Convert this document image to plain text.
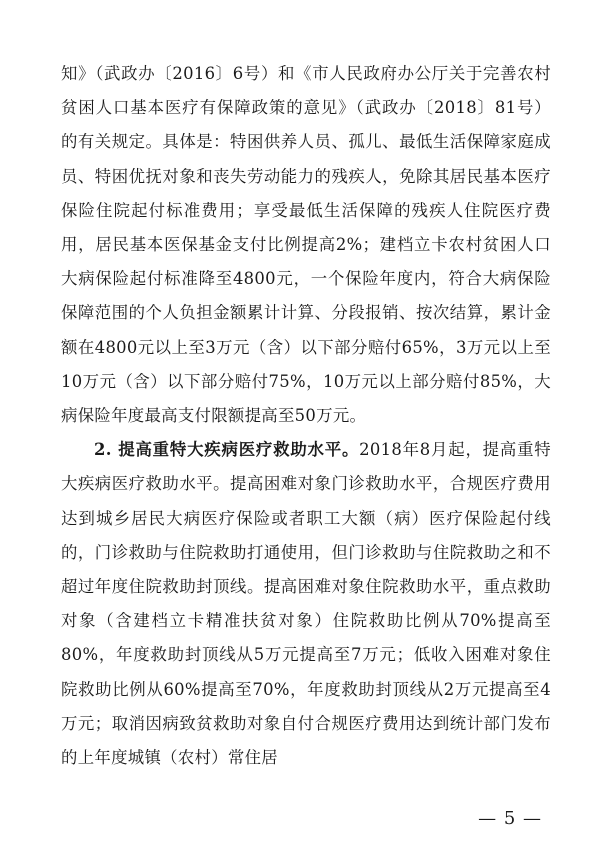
知》（武政办〔2016〕6号）和《市人民政府办公厅关于完善农村贫困人口基本医疗有保障政策的意见》（武政办〔2018〕81号）的有关规定。具体是：特困供养人员、孤儿、最低生活保障家庭成员、特困优抚对象和丧失劳动能力的残疾人，免除其居民基本医疗保险住院起付标准费用；享受最低生活保障的残疾人住院医疗费用，居民基本医保基金支付比例提高2%；建档立卡农村贫困人口大病保险起付标准降至4800元，一个保险年度内，符合大病保险保障范围的个人负担金额累计计算、分段报销、按次结算，累计金额在4800元以上至3万元（含）以下部分赔付65%，3万元以上至10万元（含）以下部分赔付75%，10万元以上部分赔付85%，大病保险年度最高支付限额提高至50万元。

2. 提高重特大疾病医疗救助水平。2018年8月起，提高重特大疾病医疗救助水平。提高困难对象门诊救助水平，合规医疗费用达到城乡居民大病医疗保险或者职工大额（病）医疗保险起付线的，门诊救助与住院救助打通使用，但门诊救助与住院救助之和不超过年度住院救助封顶线。提高困难对象住院救助水平，重点救助对象（含建档立卡精准扶贫对象）住院救助比例从70%提高至80%，年度救助封顶线从5万元提高至7万元；低收入困难对象住院救助比例从60%提高至70%，年度救助封顶线从2万元提高至4万元；取消因病致贫救助对象自付合规医疗费用达到统计部门发布的上年度城镇（农村）常住居

— 5 —
